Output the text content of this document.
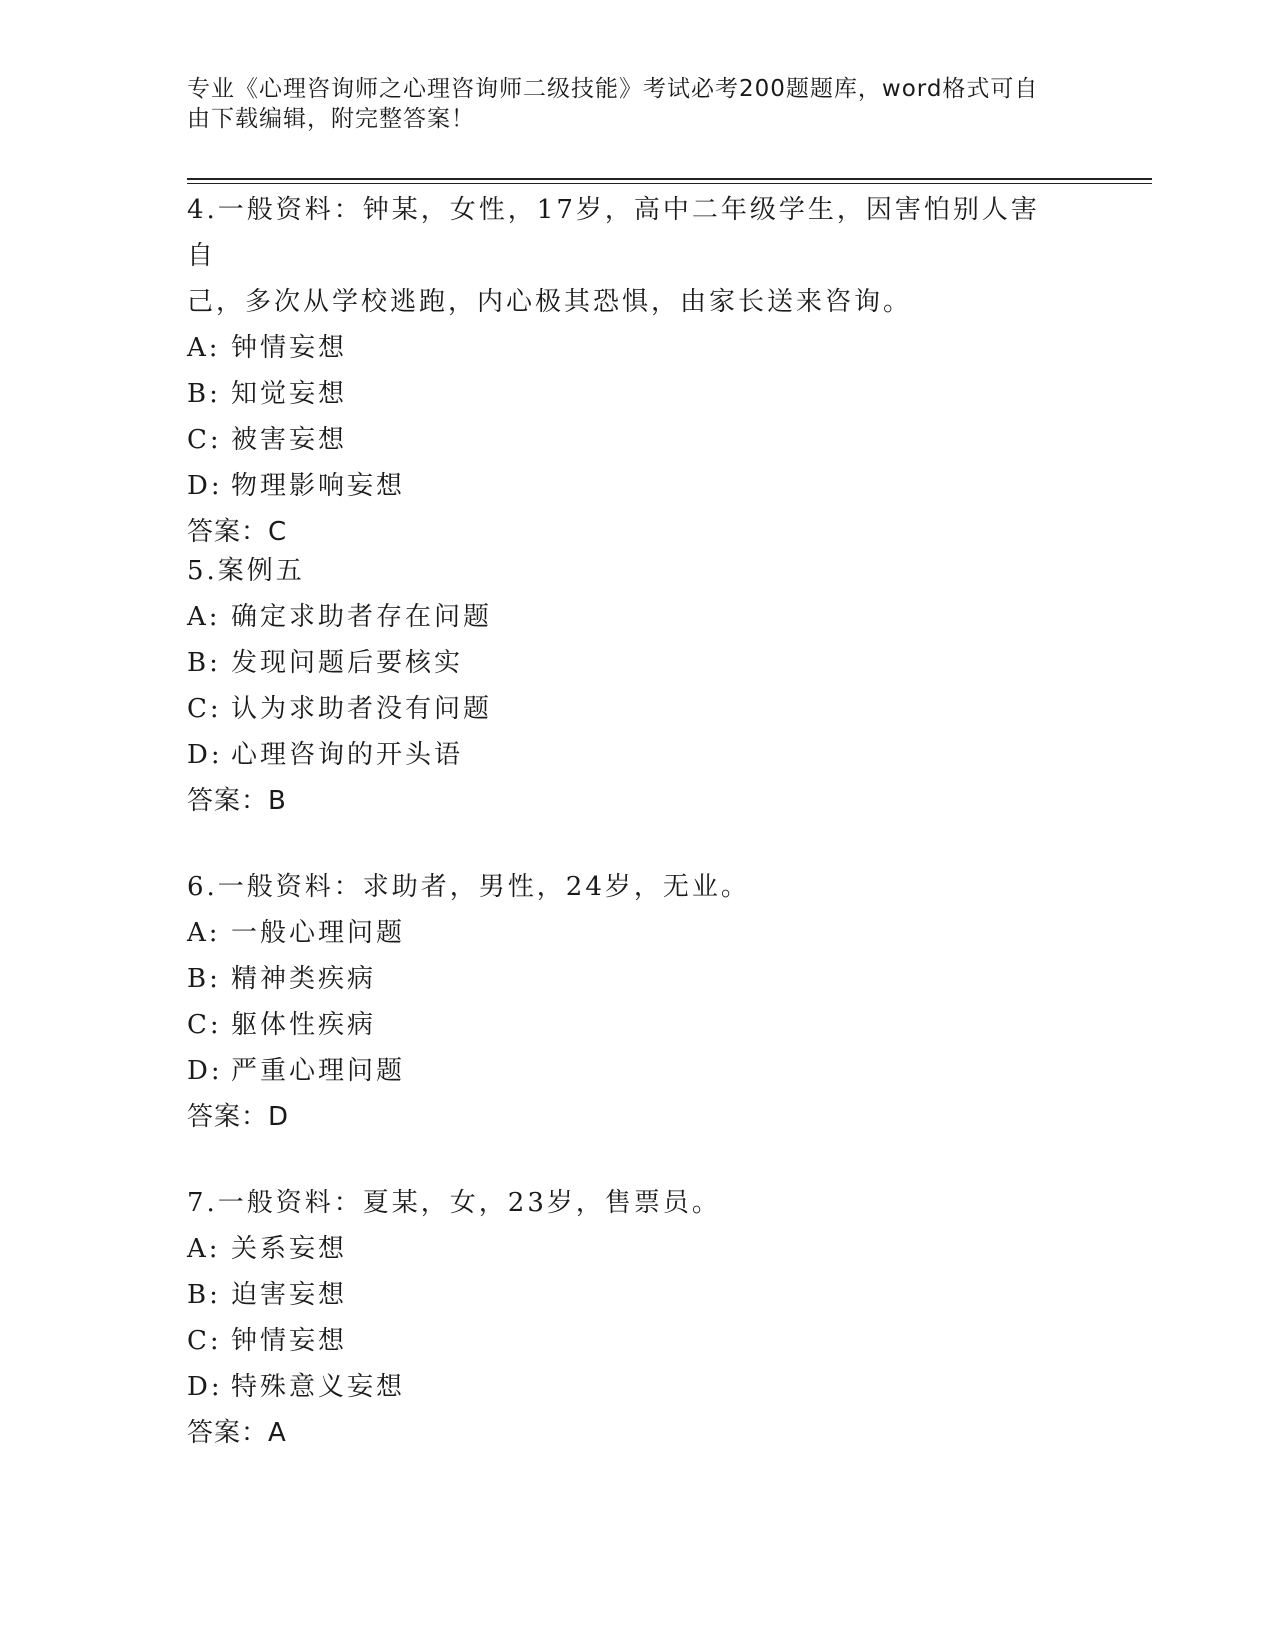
专业《心理咨询师之心理咨询师二级技能》考试必考200题题库，word格式可自
由下载编辑，附完整答案！
4.一般资料：钟某，女性，17岁，高中二年级学生，因害怕别人害自
己，多次从学校逃跑，内心极其恐惧，由家长送来咨询。
A: 钟情妄想
B: 知觉妄想
C: 被害妄想
D: 物理影响妄想
答案：C
5.案例五
A: 确定求助者存在问题
B: 发现问题后要核实
C: 认为求助者没有问题
D: 心理咨询的开头语
答案：B
6.一般资料：求助者，男性，24岁，无业。
A: 一般心理问题
B: 精神类疾病
C: 躯体性疾病
D: 严重心理问题
答案：D
7.一般资料：夏某，女，23岁，售票员。
A: 关系妄想
B: 迫害妄想
C: 钟情妄想
D: 特殊意义妄想
答案：A
